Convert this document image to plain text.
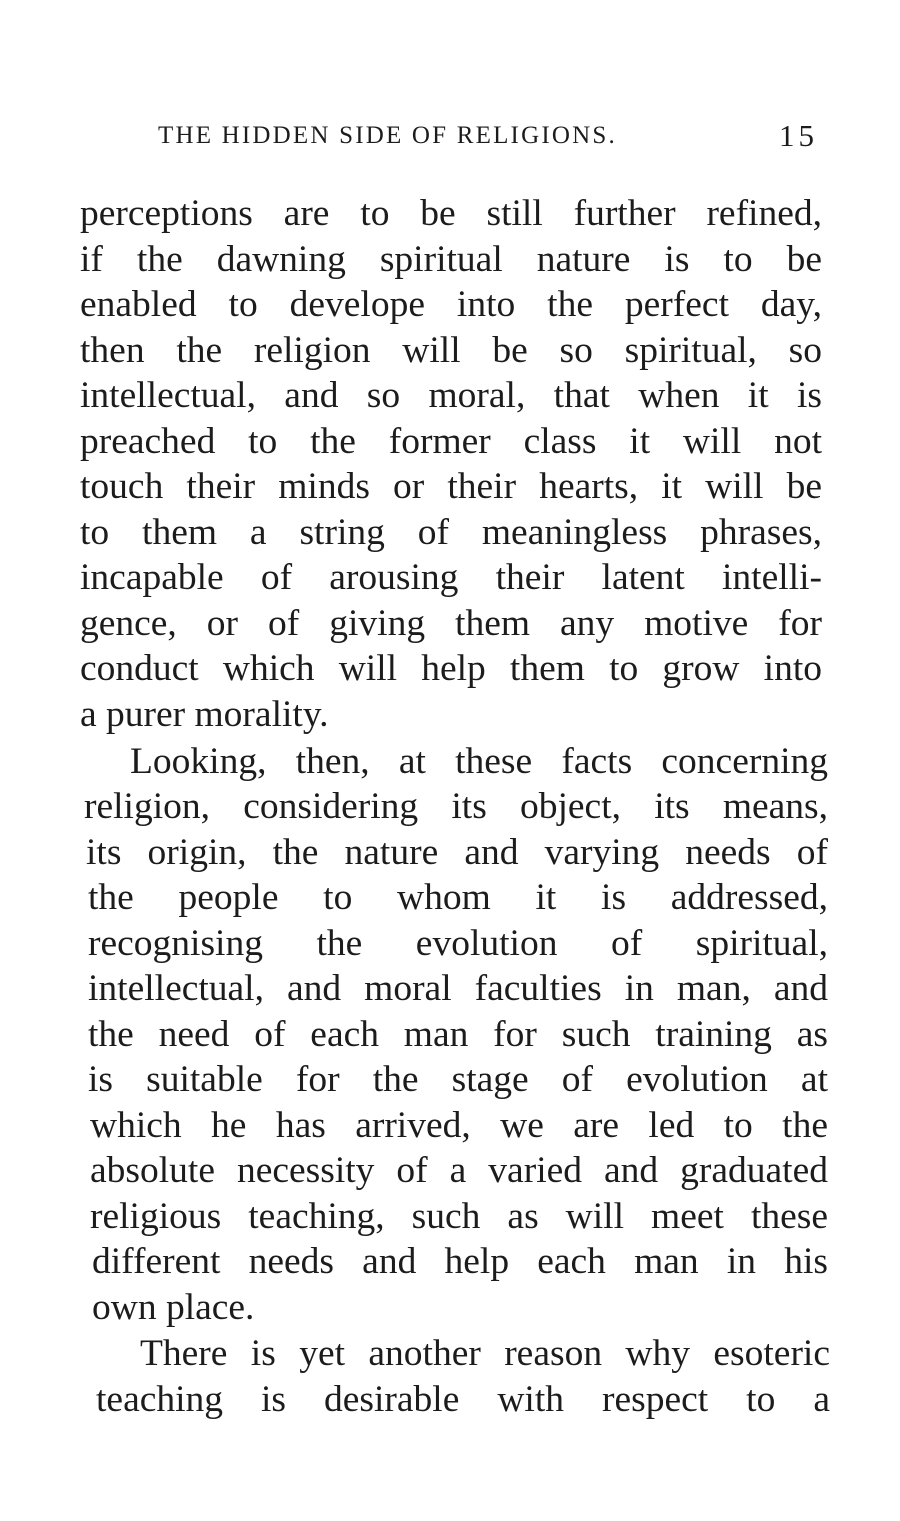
THE HIDDEN SIDE OF RELIGIONS.	15
perceptions are to be still further refined,
if the dawning spiritual nature is to be
enabled to develope into the perfect day,
then the religion will be so spiritual, so
intellectual, and so moral, that when it is
preached to the former class it will not
touch their minds or their hearts, it will be
to them a string of meaningless phrases,
incapable of arousing their latent intelli-
gence, or of giving them any motive for
conduct which will help them to grow into
a purer morality.
Looking, then, at these facts concerning
religion, considering its object, its means,
its origin, the nature and varying needs of
the people to whom it is addressed,
recognising the evolution of spiritual,
intellectual, and moral faculties in man, and
the need of each man for such training as
is suitable for the stage of evolution at
which he has arrived, we are led to the
absolute necessity of a varied and graduated
religious teaching, such as will meet these
different needs and help each man in his
own place.
There is yet another reason why esoteric
teaching is desirable with respect to a
